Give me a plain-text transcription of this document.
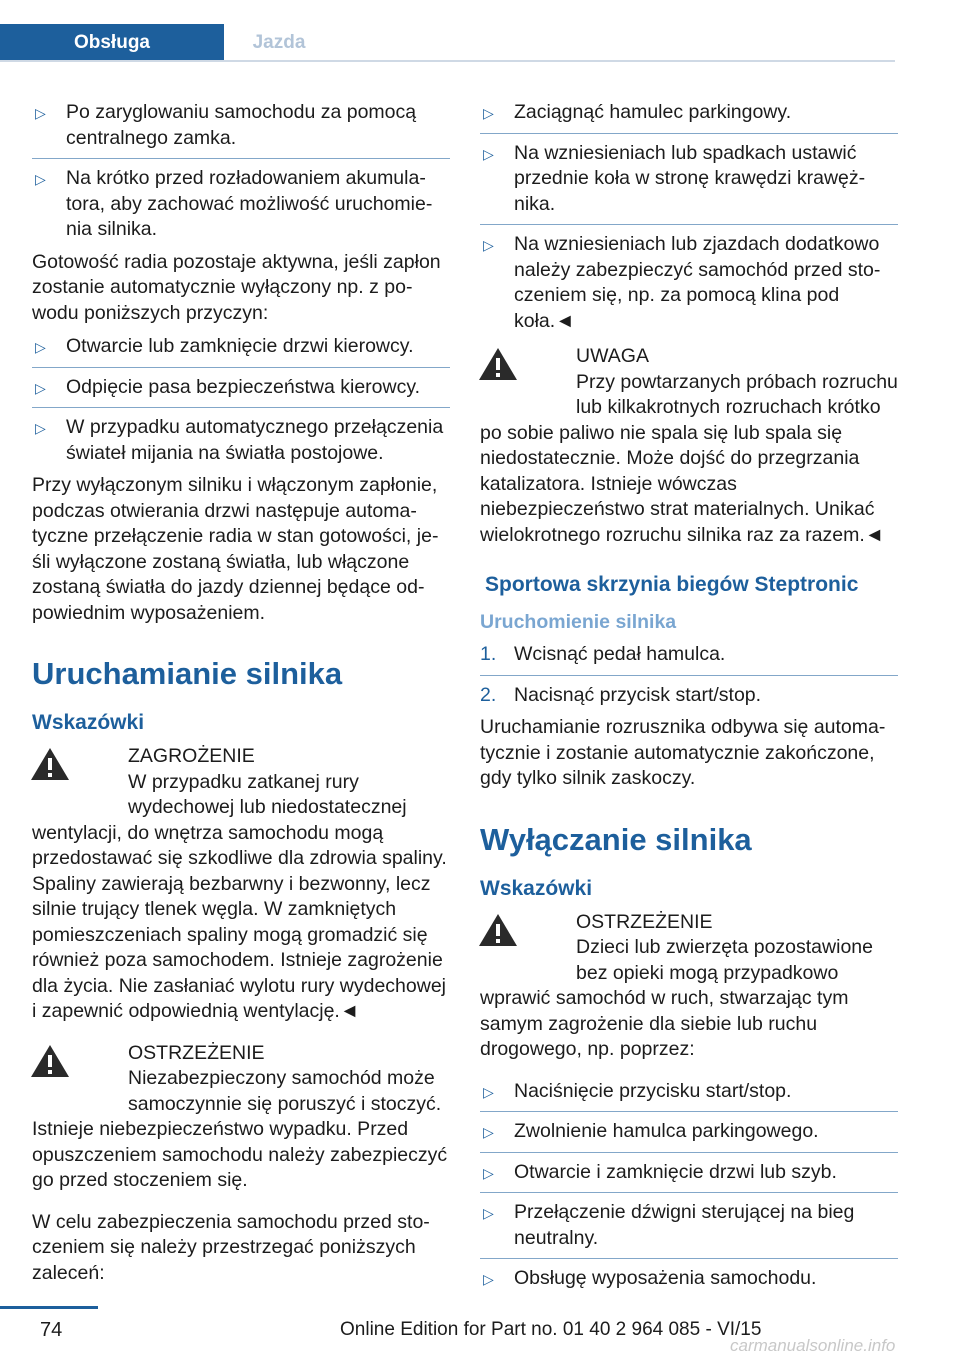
Obsługa	Jazda
▷ Po zaryglowaniu samochodu za pomocą centralnego zamka.
▷ Na krótko przed rozładowaniem akumulatora, aby zachować możliwość uruchomienia silnika.

Gotowość radia pozostaje aktywna, jeśli zapłon zostanie automatycznie wyłączony np. z powodu poniższych przyczyn:

▷ Otwarcie lub zamknięcie drzwi kierowcy.
▷ Odpięcie pasa bezpieczeństwa kierowcy.
▷ W przypadku automatycznego przełączenia świateł mijania na światła postojowe.

Przy wyłączonym silniku i włączonym zapłonie, podczas otwierania drzwi następuje automatyczne przełączenie radia w stan gotowości, jeśli wyłączone zostaną światła, lub włączone zostaną światła do jazdy dziennej będące odpowiednim wyposażeniem.

Uruchamianie silnika
Wskazówki
ZAGROŻENIE
W przypadku zatkanej rury wydechowej lub niedostatecznej wentylacji, do wnętrza samochodu mogą przedostawać się szkodliwe dla zdrowia spaliny. Spaliny zawierają bezbarwny i bezwonny, lecz silnie trujący tlenek węgla. W zamkniętych pomieszczeniach spaliny mogą gromadzić się również poza samochodem. Istnieje zagrożenie dla życia. Nie zasłaniać wylotu rury wydechowej i zapewnić odpowiednią wentylację.◄
OSTRZEŻENIE
Niezabezpieczony samochód może samoczynnie się poruszyć i stoczyć. Istnieje niebezpieczeństwo wypadku. Przed opuszczeniem samochodu należy zabezpieczyć go przed stoczeniem się.

W celu zabezpieczenia samochodu przed stoczeniem się należy przestrzegać poniższych zaleceń:

▷ Zaciągnąć hamulec parkingowy.
▷ Na wzniesieniach lub spadkach ustawić przednie koła w stronę krawędzi krawężnika.
▷ Na wzniesieniach lub zjazdach dodatkowo należy zabezpieczyć samochód przed stoczeniem się, np. za pomocą klina pod koła.◄
UWAGA
Przy powtarzanych próbach rozruchu lub kilkakrotnych rozruchach krótko po sobie paliwo nie spala się lub spala się niedostatecznie. Może dojść do przegrzania katalizatora. Istnieje wówczas niebezpieczeństwo strat materialnych. Unikać wielokrotnego rozruchu silnika raz za razem.◄
Sportowa skrzynia biegów Steptronic
Uruchomienie silnika
1. Wcisnąć pedał hamulca.
2. Nacisnąć przycisk start/stop.

Uruchamianie rozrusznika odbywa się automatycznie i zostanie automatycznie zakończone, gdy tylko silnik zaskoczy.

Wyłączanie silnika
Wskazówki
OSTRZEŻENIE
Dzieci lub zwierzęta pozostawione bez opieki mogą przypadkowo wprawić samochód w ruch, stwarzając tym samym zagrożenie dla siebie lub ruchu drogowego, np. poprzez:
▷ Naciśnięcie przycisku start/stop.
▷ Zwolnienie hamulca parkingowego.
▷ Otwarcie i zamknięcie drzwi lub szyb.
▷ Przełączenie dźwigni sterującej na bieg neutralny.
▷ Obsługę wyposażenia samochodu.
74	Online Edition for Part no. 01 40 2 964 085 - VI/15
carmanualsonline.info
